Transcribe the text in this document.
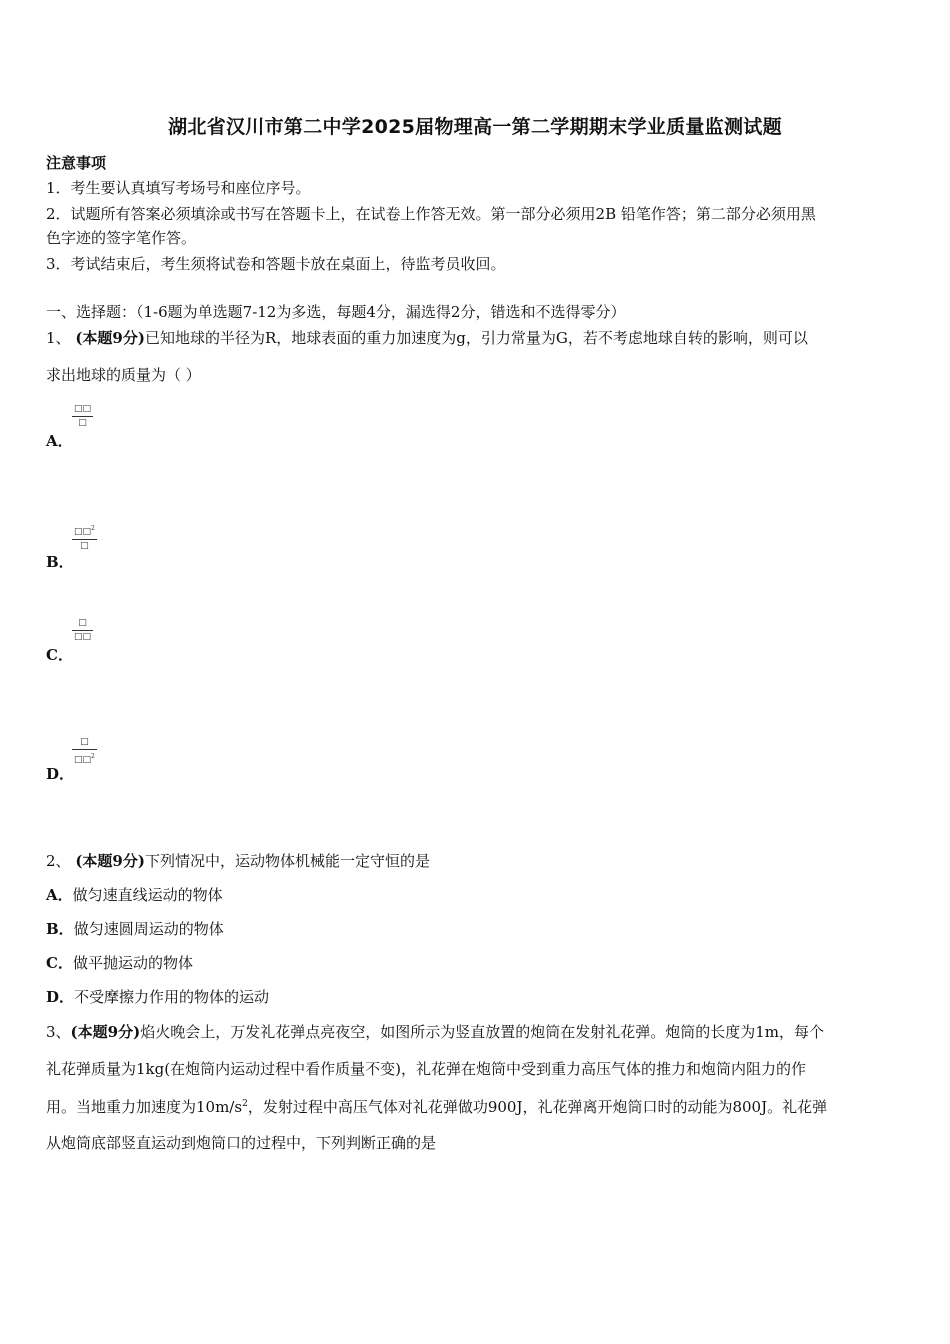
湖北省汉川市第二中学2025届物理高一第二学期期末学业质量监测试题
注意事项
1．考生要认真填写考场号和座位序号。
2．试题所有答案必须填涂或书写在答题卡上，在试卷上作答无效。第一部分必须用2B 铅笔作答；第二部分必须用黑
色字迹的签字笔作答。
3．考试结束后，考生须将试卷和答题卡放在桌面上，待监考员收回。
一、选择题：（1-6题为单选题7-12为多选，每题4分，漏选得2分，错选和不选得零分）
1、 (本题9分)已知地球的半径为R，地球表面的重力加速度为g，引力常量为G，若不考虑地球自转的影响，则可以
求出地球的质量为（ ）
A．
□□
□
B．
□□$^2$
□
C．
□
□□
D．
□
□□$^2$
2、 (本题9分)下列情况中，运动物体机械能一定守恒的是
A．做匀速直线运动的物体
B．做匀速圆周运动的物体
C．做平抛运动的物体
D．不受摩擦力作用的物体的运动
3、(本题9分)焰火晚会上，万发礼花弹点亮夜空，如图所示为竖直放置的炮筒在发射礼花弹。炮筒的长度为1m，每个
礼花弹质量为1kg(在炮筒内运动过程中看作质量不变)，礼花弹在炮筒中受到重力高压气体的推力和炮筒内阻力的作
用。当地重力加速度为$10m/s^2$，发射过程中高压气体对礼花弹做功900J，礼花弹离开炮筒口时的动能为800J。礼花弹
从炮筒底部竖直运动到炮筒口的过程中，下列判断正确的是
